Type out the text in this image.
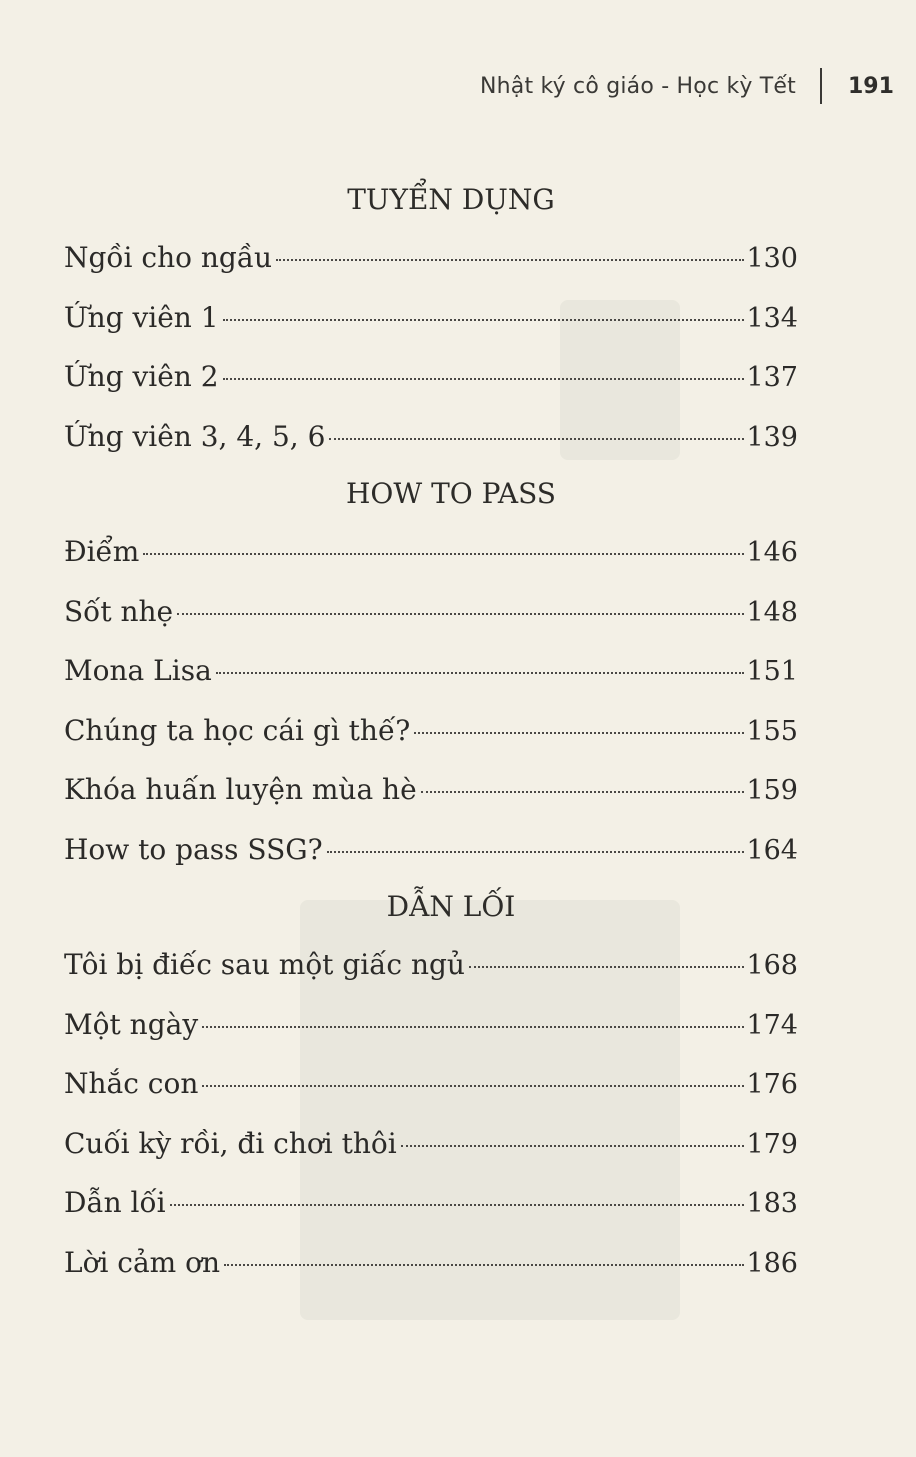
Nhật ký cô giáo - Học kỳ Tết 191
TUYỂN DỤNG
Ngồi cho ngầu	130
Ứng viên 1	134
Ứng viên 2	137
Ứng viên 3, 4, 5, 6	139
HOW TO PASS
Điểm	146
Sốt nhẹ	148
Mona Lisa	151
Chúng ta học cái gì thế?	155
Khóa huấn luyện mùa hè	159
How to pass SSG?	164
DẪN LỐI
Tôi bị điếc sau một giấc ngủ	168
Một ngày	174
Nhắc con	176
Cuối kỳ rồi, đi chơi thôi	179
Dẫn lối	183
Lời cảm ơn	186
